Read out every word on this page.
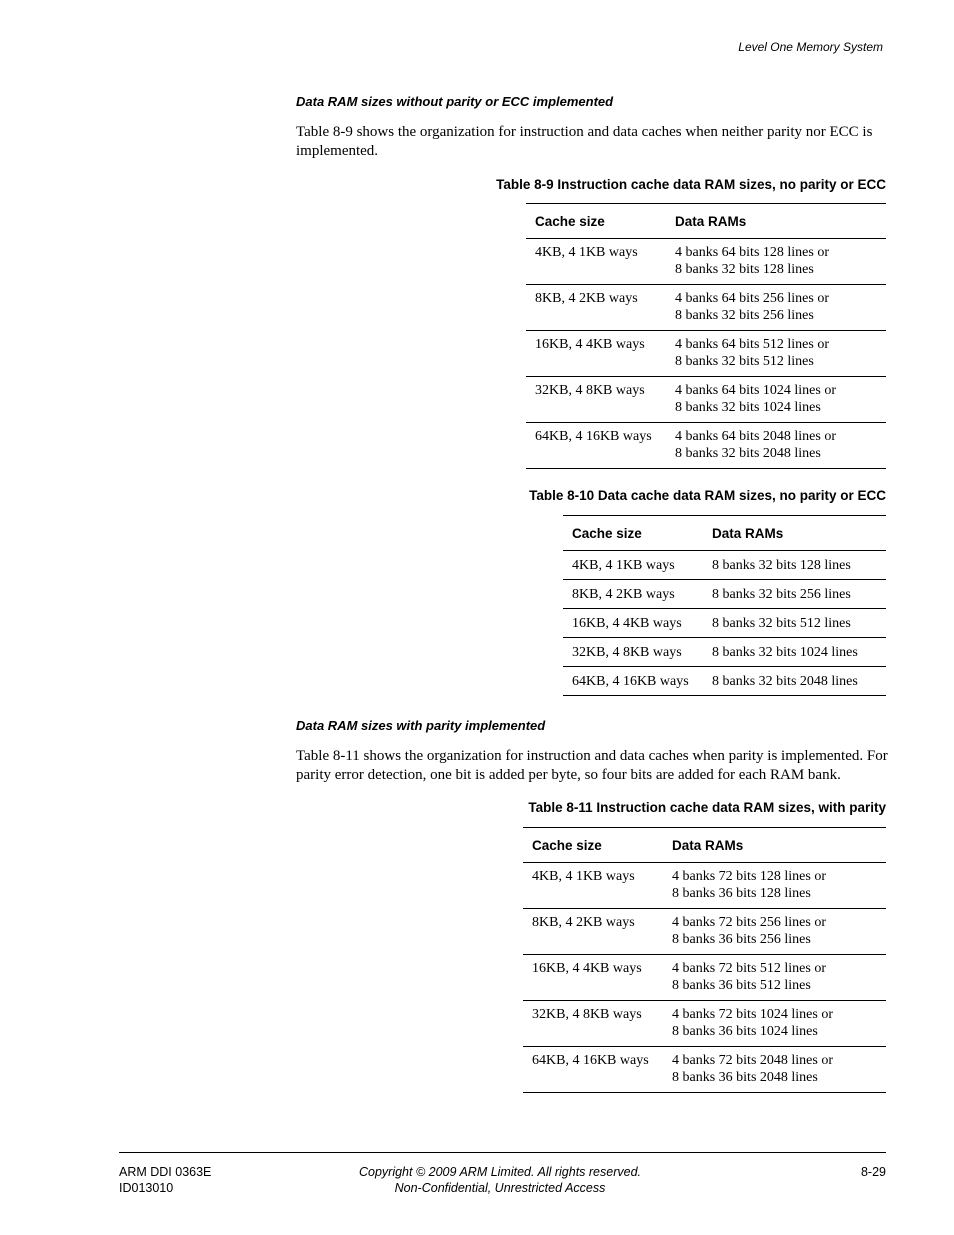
Level One Memory System
Data RAM sizes without parity or ECC implemented

Table 8-9 shows the organization for instruction and data caches when neither parity nor ECC is implemented.

Table 8-9 Instruction cache data RAM sizes, no parity or ECC
Cache size	Data RAMs
4KB, 4 1KB ways	4 banks 64 bits 128 lines or
8 banks 32 bits 128 lines

8KB, 4 2KB ways	4 banks 64 bits 256 lines or
8 banks 32 bits 256 lines

16KB, 4 4KB ways	4 banks 64 bits 512 lines or
8 banks 32 bits 512 lines

32KB, 4 8KB ways	4 banks 64 bits 1024 lines or
8 banks 32 bits 1024 lines

64KB, 4 16KB ways	4 banks 64 bits 2048 lines or
8 banks 32 bits 2048 lines
Table 8-10 Data cache data RAM sizes, no parity or ECC
Cache size	Data RAMs
4KB, 4 1KB ways	8 banks 32 bits 128 lines
8KB, 4 2KB ways	8 banks 32 bits 256 lines
16KB, 4 4KB ways	8 banks 32 bits 512 lines
32KB, 4 8KB ways	8 banks 32 bits 1024 lines
64KB, 4 16KB ways	8 banks 32 bits 2048 lines
Data RAM sizes with parity implemented

Table 8-11 shows the organization for instruction and data caches when parity is implemented. For parity error detection, one bit is added per byte, so four bits are added for each RAM bank.

Table 8-11 Instruction cache data RAM sizes, with parity
Cache size	Data RAMs
4KB, 4 1KB ways	4 banks 72 bits 128 lines or
8 banks 36 bits 128 lines

8KB, 4 2KB ways	4 banks 72 bits 256 lines or
8 banks 36 bits 256 lines

16KB, 4 4KB ways	4 banks 72 bits 512 lines or
8 banks 36 bits 512 lines

32KB, 4 8KB ways	4 banks 72 bits 1024 lines or
8 banks 36 bits 1024 lines

64KB, 4 16KB ways	4 banks 72 bits 2048 lines or
8 banks 36 bits 2048 lines
ARM DDI 0363E
ID013010
Copyright © 2009 ARM Limited. All rights reserved.
Non-Confidential, Unrestricted Access
8-29
